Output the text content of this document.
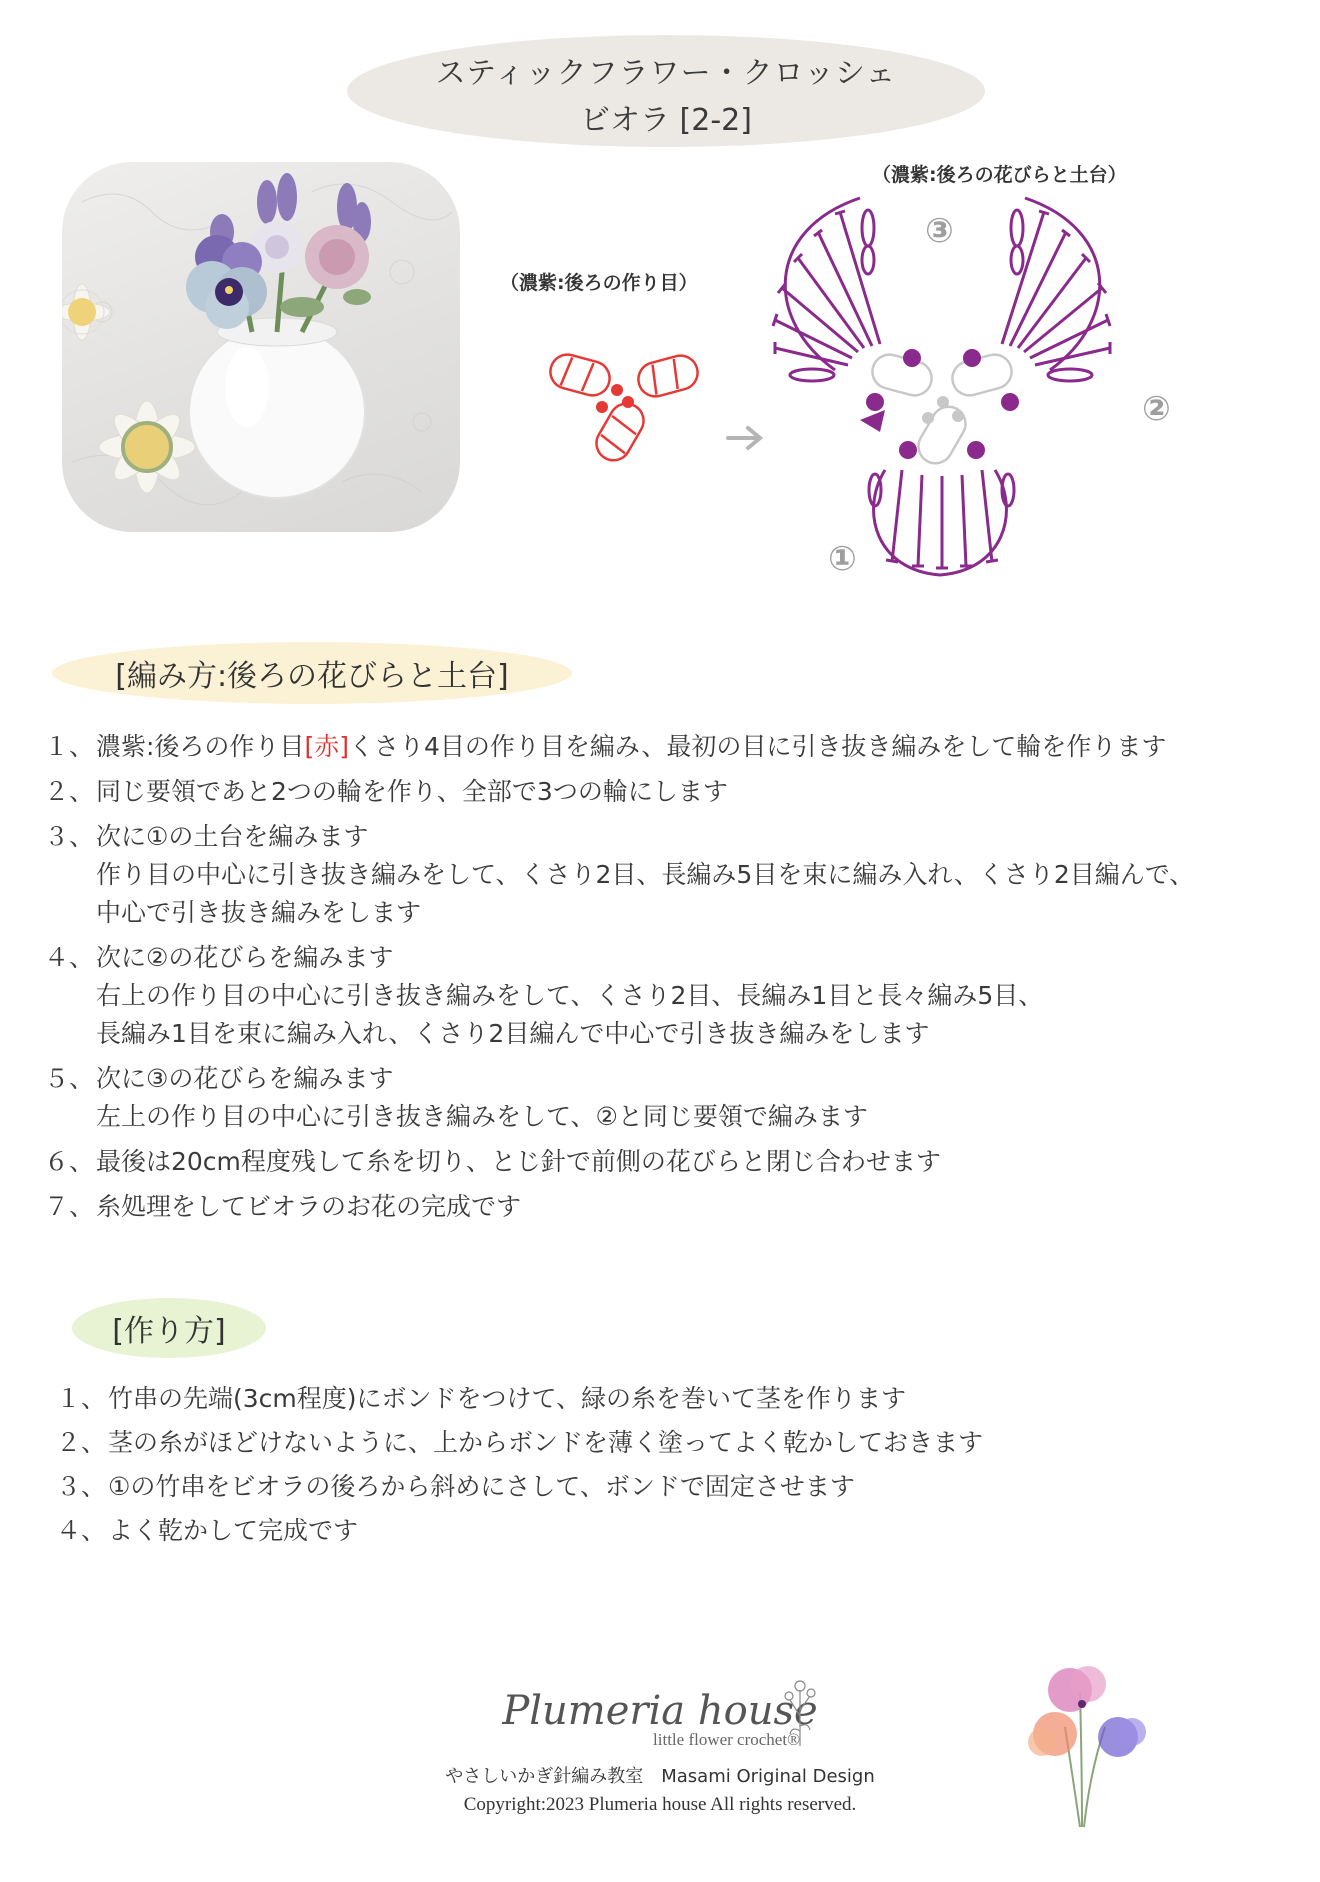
スティックフラワー・クロッシェ
ビオラ [2-2]
（濃紫:後ろの作り目）
（濃紫:後ろの花びらと土台）
③
②
①
[編み方:後ろの花びらと土台]
１、濃紫:後ろの作り目[赤]くさり4目の作り目を編み、最初の目に引き抜き編みをして輪を作ります
２、同じ要領であと2つの輪を作り、全部で3つの輪にします
３、次に①の土台を編みます
作り目の中心に引き抜き編みをして、くさり2目、長編み5目を束に編み入れ、くさり2目編んで、
中心で引き抜き編みをします
４、次に②の花びらを編みます
右上の作り目の中心に引き抜き編みをして、くさり2目、長編み1目と長々編み5目、
長編み1目を束に編み入れ、くさり2目編んで中心で引き抜き編みをします
５、次に③の花びらを編みます
左上の作り目の中心に引き抜き編みをして、②と同じ要領で編みます
６、最後は20cm程度残して糸を切り、とじ針で前側の花びらと閉じ合わせます
７、糸処理をしてビオラのお花の完成です
[作り方]
１、竹串の先端(3cm程度)にボンドをつけて、緑の糸を巻いて茎を作ります
２、茎の糸がほどけないように、上からボンドを薄く塗ってよく乾かしておきます
３、①の竹串をビオラの後ろから斜めにさして、ボンドで固定させます
４、よく乾かして完成です
Plumeria house
little flower crochet®
やさしいかぎ針編み教室　Masami Original Design
Copyright:2023 Plumeria house All rights reserved.
